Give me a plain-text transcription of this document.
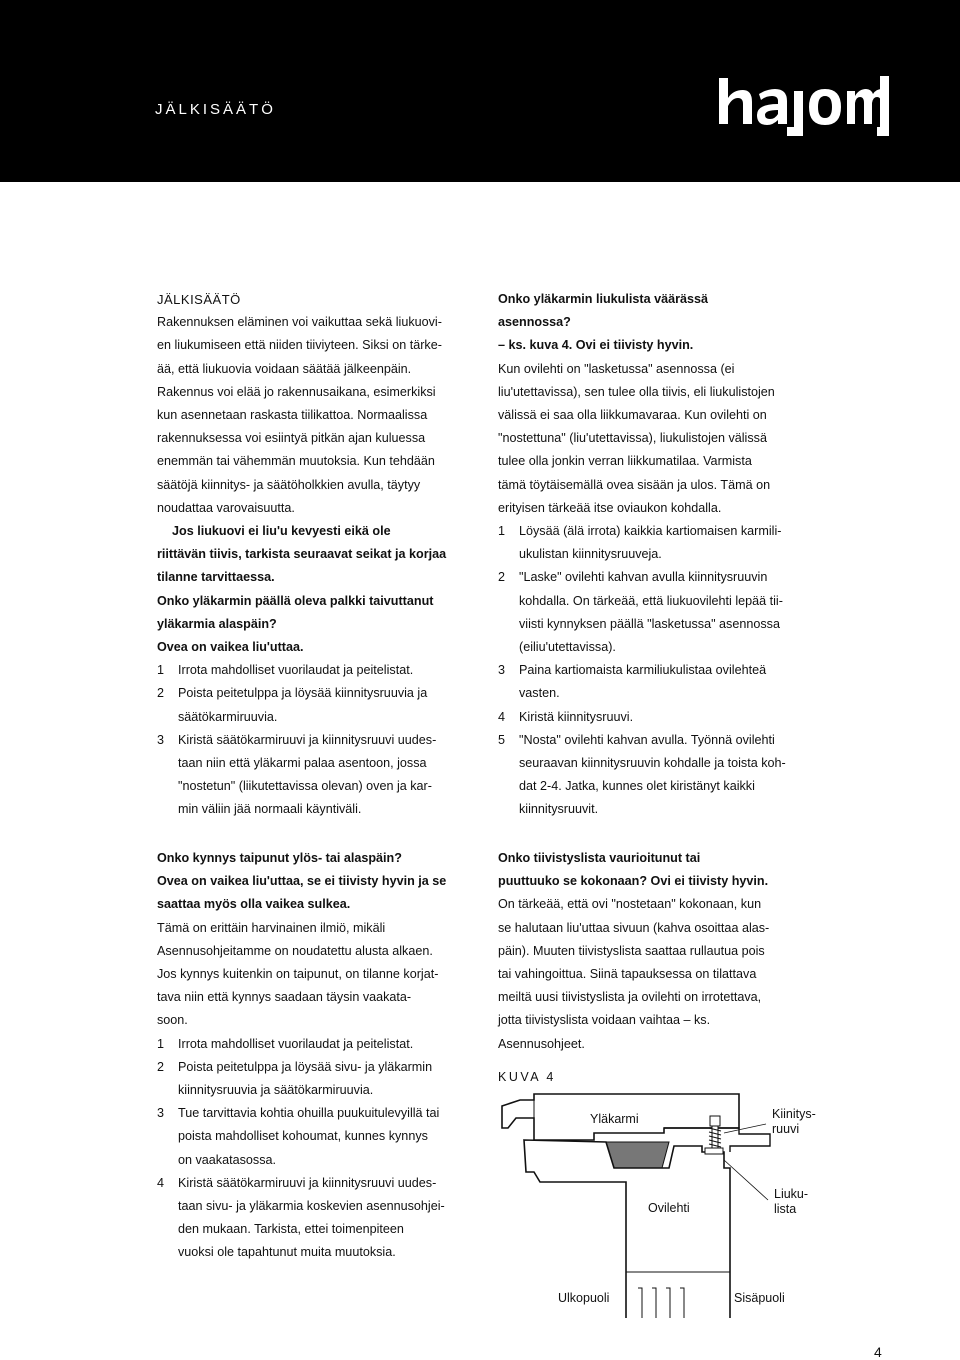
JÄLKISÄÄTÖ

JÄLKISÄÄTÖ

Rakennuksen eläminen voi vaikuttaa sekä liukuovi-

en liukumiseen että niiden tiiviyteen. Siksi on tärke-

ää, että liukuovia voidaan säätää jälkeenpäin.

Rakennus voi elää jo rakennusaikana, esimerkiksi

kun asennetaan raskasta tiilikattoa. Normaalissa

rakennuksessa voi esiintyä pitkän ajan kuluessa

enemmän tai vähemmän muutoksia. Kun tehdään

säätöjä kiinnitys- ja säätöholkkien avulla, täytyy

noudattaa varovaisuutta.

Jos liukuovi ei liu'u kevyesti eikä ole

riittävän tiivis, tarkista seuraavat seikat ja korjaa

tilanne tarvittaessa.

Onko yläkarmin päällä oleva palkki taivuttanut

yläkarmia alaspäin?

Ovea on vaikea liu'uttaa.

1 Irrota mahdolliset vuorilaudat ja peitelistat.

2 Poista peitetulppa ja löysää kiinnitysruuvia ja

säätökarmiruuvia.

3 Kiristä säätökarmiruuvi ja kiinnitysruuvi uudes-

taan niin että yläkarmi palaa asentoon, jossa

"nostetun" (liikutettavissa olevan) oven ja kar-

min väliin jää normaali käyntiväli.

Onko yläkarmin liukulista väärässä

asennossa?

– ks. kuva 4. Ovi ei tiivisty hyvin.

Kun ovilehti on "lasketussa" asennossa (ei

liu'utettavissa), sen tulee olla tiivis, eli liukulistojen

välissä ei saa olla liikkumavaraa. Kun ovilehti on

"nostettuna" (liu'utettavissa), liukulistojen välissä

tulee olla jonkin verran liikkumatilaa. Varmista

tämä töytäisemällä ovea sisään ja ulos. Tämä on

erityisen tärkeää itse oviaukon kohdalla.

1 Löysää (älä irrota) kaikkia kartiomaisen karmili-

ukulistan kiinnitysruuveja.

2 "Laske" ovilehti kahvan avulla kiinnitysruuvin

kohdalla. On tärkeää, että liukuovilehti lepää tii-

viisti kynnyksen päällä "lasketussa" asennossa

(eiliu'utettavissa).

3 Paina kartiomaista karmiliukulistaa ovilehteä

vasten.

4 Kiristä kiinnitysruuvi.

5 "Nosta" ovilehti kahvan avulla. Työnnä ovilehti

seuraavan kiinnitysruuvin kohdalle ja toista koh-

dat 2-4. Jatka, kunnes olet kiristänyt kaikki

kiinnitysruuvit.

Onko kynnys taipunut ylös- tai alaspäin?

Ovea on vaikea liu'uttaa, se ei tiivisty hyvin ja se

saattaa myös olla vaikea sulkea.

Tämä on erittäin harvinainen ilmiö, mikäli

Asennusohjeitamme on noudatettu alusta alkaen.

Jos kynnys kuitenkin on taipunut, on tilanne korjat-

tava niin että kynnys saadaan täysin vaakata-

soon.

1 Irrota mahdolliset vuorilaudat ja peitelistat.

2 Poista peitetulppa ja löysää sivu- ja yläkarmin

kiinnitysruuvia ja säätökarmiruuvia.

3 Tue tarvittavia kohtia ohuilla puukuitulevyillä tai

poista mahdolliset kohoumat, kunnes kynnys

on vaakatasossa.

4 Kiristä säätökarmiruuvi ja kiinnitysruuvi uudes-

taan sivu- ja yläkarmia koskevien asennusohjei-

den mukaan. Tarkista, ettei toimenpiteen

vuoksi ole tapahtunut muita muutoksia.

Onko tiivistyslista vaurioitunut tai

puuttuuko se kokonaan? Ovi ei tiivisty hyvin.

On tärkeää, että ovi "nostetaan" kokonaan, kun

se halutaan liu'uttaa sivuun (kahva osoittaa alas-

päin). Muuten tiivistyslista saattaa rullautua pois

tai vahingoittua. Siinä tapauksessa on tilattava

meiltä uusi tiivistyslista ja ovilehti on irrotettava,

jotta tiivistyslista voidaan vaihtaa – ks.

Asennusohjeet.

KUVA 4
Yläkarmi	Kiinitys-
ruuvi
Ovilehti
Liuku-
lista
Ulkopuoli	Sisäpuoli
4
